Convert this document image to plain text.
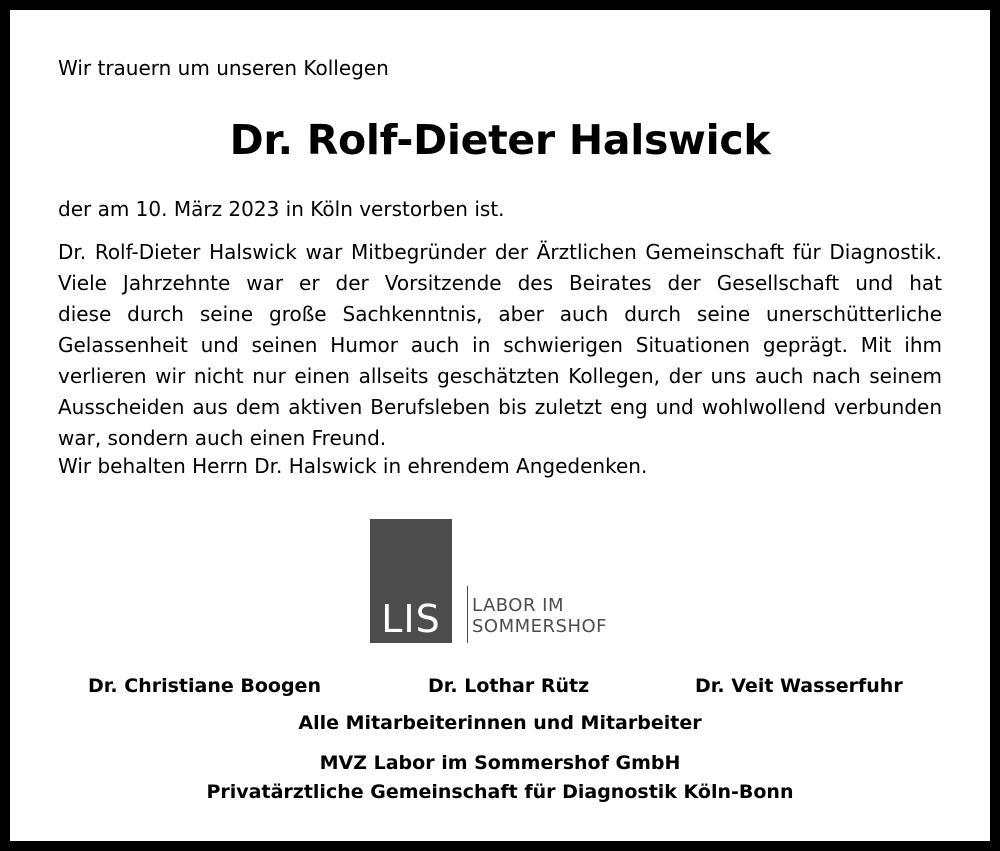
Wir trauern um unseren Kollegen
Dr. Rolf-Dieter Halswick
der am 10. März 2023 in Köln verstorben ist.
Dr. Rolf-Dieter Halswick war Mitbegründer der Ärztlichen Gemeinschaft für Diagnostik.
Viele Jahrzehnte war er der Vorsitzende des Beirates der Gesellschaft und hat
diese durch seine große Sachkenntnis, aber auch durch seine unerschütterliche
Gelassenheit und seinen Humor auch in schwierigen Situationen geprägt. Mit ihm
verlieren wir nicht nur einen allseits geschätzten Kollegen, der uns auch nach seinem
Ausscheiden aus dem aktiven Berufsleben bis zuletzt eng und wohlwollend verbunden
war, sondern auch einen Freund.
Wir behalten Herrn Dr. Halswick in ehrendem Angedenken.
LIS	LABOR IM
SOMMERSHOF
Dr. Christiane Boogen	Dr. Lothar Rütz	Dr. Veit Wasserfuhr
Alle Mitarbeiterinnen und Mitarbeiter
MVZ Labor im Sommershof GmbH
Privatärztliche Gemeinschaft für Diagnostik Köln-Bonn
